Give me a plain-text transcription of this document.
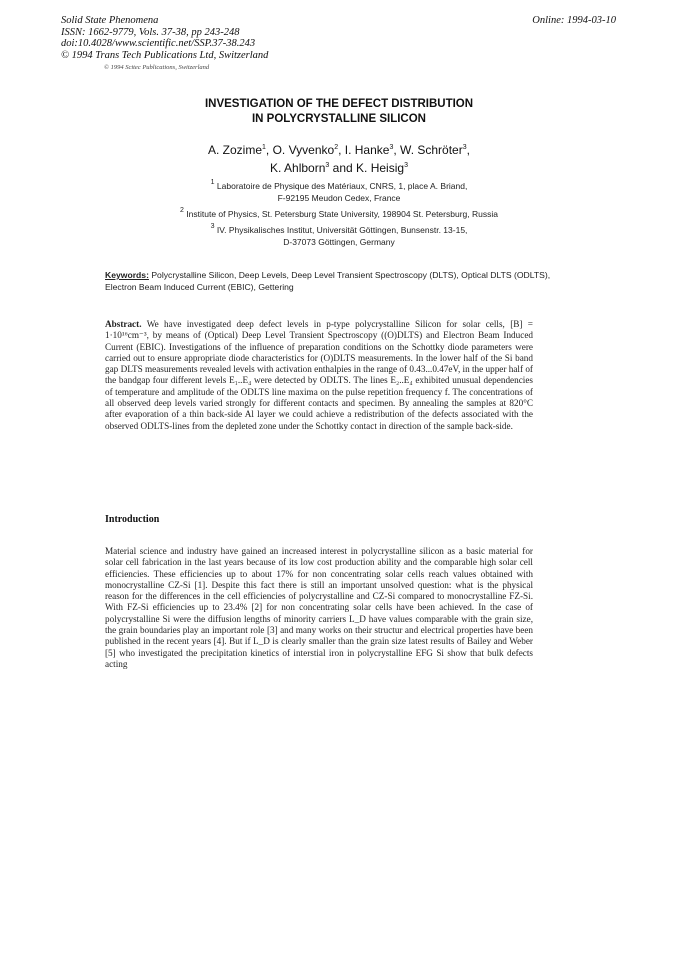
Solid State Phenomena
ISSN: 1662-9779, Vols. 37-38, pp 243-248
doi:10.4028/www.scientific.net/SSP.37-38.243
© 1994 Trans Tech Publications Ltd, Switzerland
Online: 1994-03-10
© 1994 Scitec Publications, Switzerland
INVESTIGATION OF THE DEFECT DISTRIBUTION
IN POLYCRYSTALLINE SILICON
A. Zozime$^1$, O. Vyvenko$^2$, I. Hanke$^3$, W. Schröter$^3$,
K. Ahlborn$^3$ and K. Heisig$^3$
$^1$ Laboratoire de Physique des Matériaux, CNRS, 1, place A. Briand,
F-92195 Meudon Cedex, France
$^2$ Institute of Physics, St. Petersburg State University, 198904 St. Petersburg, Russia
$^3$ IV. Physikalisches Institut, Universität Göttingen, Bunsenstr. 13-15,
D-37073 Göttingen, Germany
Keywords: Polycrystalline Silicon, Deep Levels, Deep Level Transient Spectroscopy (DLTS), Optical DLTS (ODLTS), Electron Beam Induced Current (EBIC), Gettering
Abstract. We have investigated deep defect levels in p-type polycrystalline Silicon for solar cells, [B] = 1·10¹⁶cm⁻³, by means of (Optical) Deep Level Transient Spectroscopy ((O)DLTS) and Electron Beam Induced Current (EBIC). Investigations of the influence of preparation conditions on the Schottky diode parameters were carried out to ensure appropriate diode characteristics for (O)DLTS measurements. In the lower half of the Si band gap DLTS measurements revealed levels with activation enthalpies in the range of 0.43...0.47eV, in the upper half of the bandgap four different levels E₁..E₄ were detected by ODLTS. The lines E₂..E₄ exhibited unusual dependencies of temperature and amplitude of the ODLTS line maxima on the pulse repetition frequency f. The concentrations of all observed deep levels varied strongly for different contacts and specimen. By annealing the samples at 820°C after evaporation of a thin back-side Al layer we could achieve a redistribution of the defects associated with the observed ODLTS-lines from the depleted zone under the Schottky contact in direction of the sample back-side.
Introduction
Material science and industry have gained an increased interest in polycrystalline silicon as a basic material for solar cell fabrication in the last years because of its low cost production ability and the comparable high solar cell efficiencies. These efficiencies up to about 17% for non concentrating solar cells reach values obtained with monocrystalline CZ-Si [1]. Despite this fact there is still an important unsolved question: what is the physical reason for the differences in the cell efficiencies of polycrystalline and CZ-Si compared to monocrystalline FZ-Si. With FZ-Si efficiencies up to 23.4% [2] for non concentrating solar cells have been achieved. In the case of polycrystalline Si were the diffusion lengths of minority carriers L_D have values comparable with the grain size, the grain boundaries play an important role [3] and many works on their structur and electrical properties have been published in the recent years [4]. But if L_D is clearly smaller than the grain size latest results of Bailey and Weber [5] who investigated the precipitation kinetics of interstial iron in polycrystalline EFG Si show that bulk defects acting
